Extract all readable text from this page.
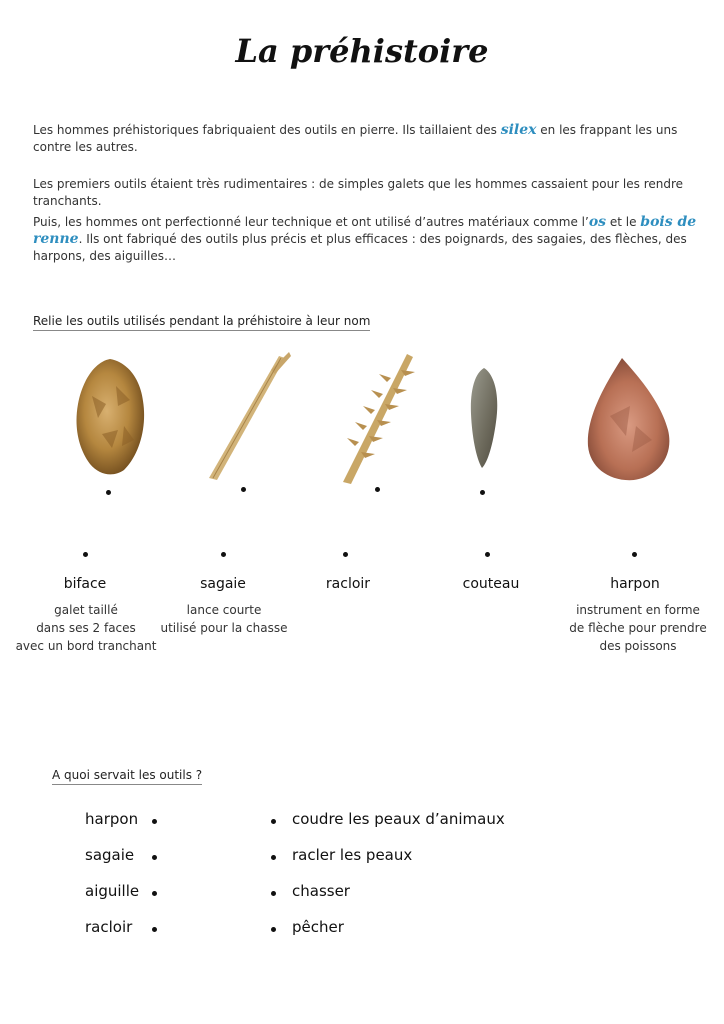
La préhistoire
Les hommes préhistoriques fabriquaient des outils en pierre. Ils taillaient des silex en les frappant les uns contre les autres.
Les premiers outils étaient très rudimentaires : de simples galets que les hommes cassaient pour les rendre tranchants.
Puis, les hommes ont perfectionné leur technique et ont utilisé d’autres matériaux comme l’os et le bois de renne. Ils ont fabriqué des outils plus précis et plus efficaces : des poignards, des sagaies, des flèches, des harpons, des aiguilles…
Relie les outils utilisés pendant la préhistoire à leur nom
biface	sagaie	racloir	couteau	harpon
galet taillé
dans ses 2 faces
avec un bord tranchant
lance courte
utilisé pour la chasse
instrument en forme
de flèche pour prendre
des poissons
A quoi servait les outils ?
harpon
sagaie
aiguille
racloir
coudre les peaux d’animaux
racler les peaux
chasser
pêcher
